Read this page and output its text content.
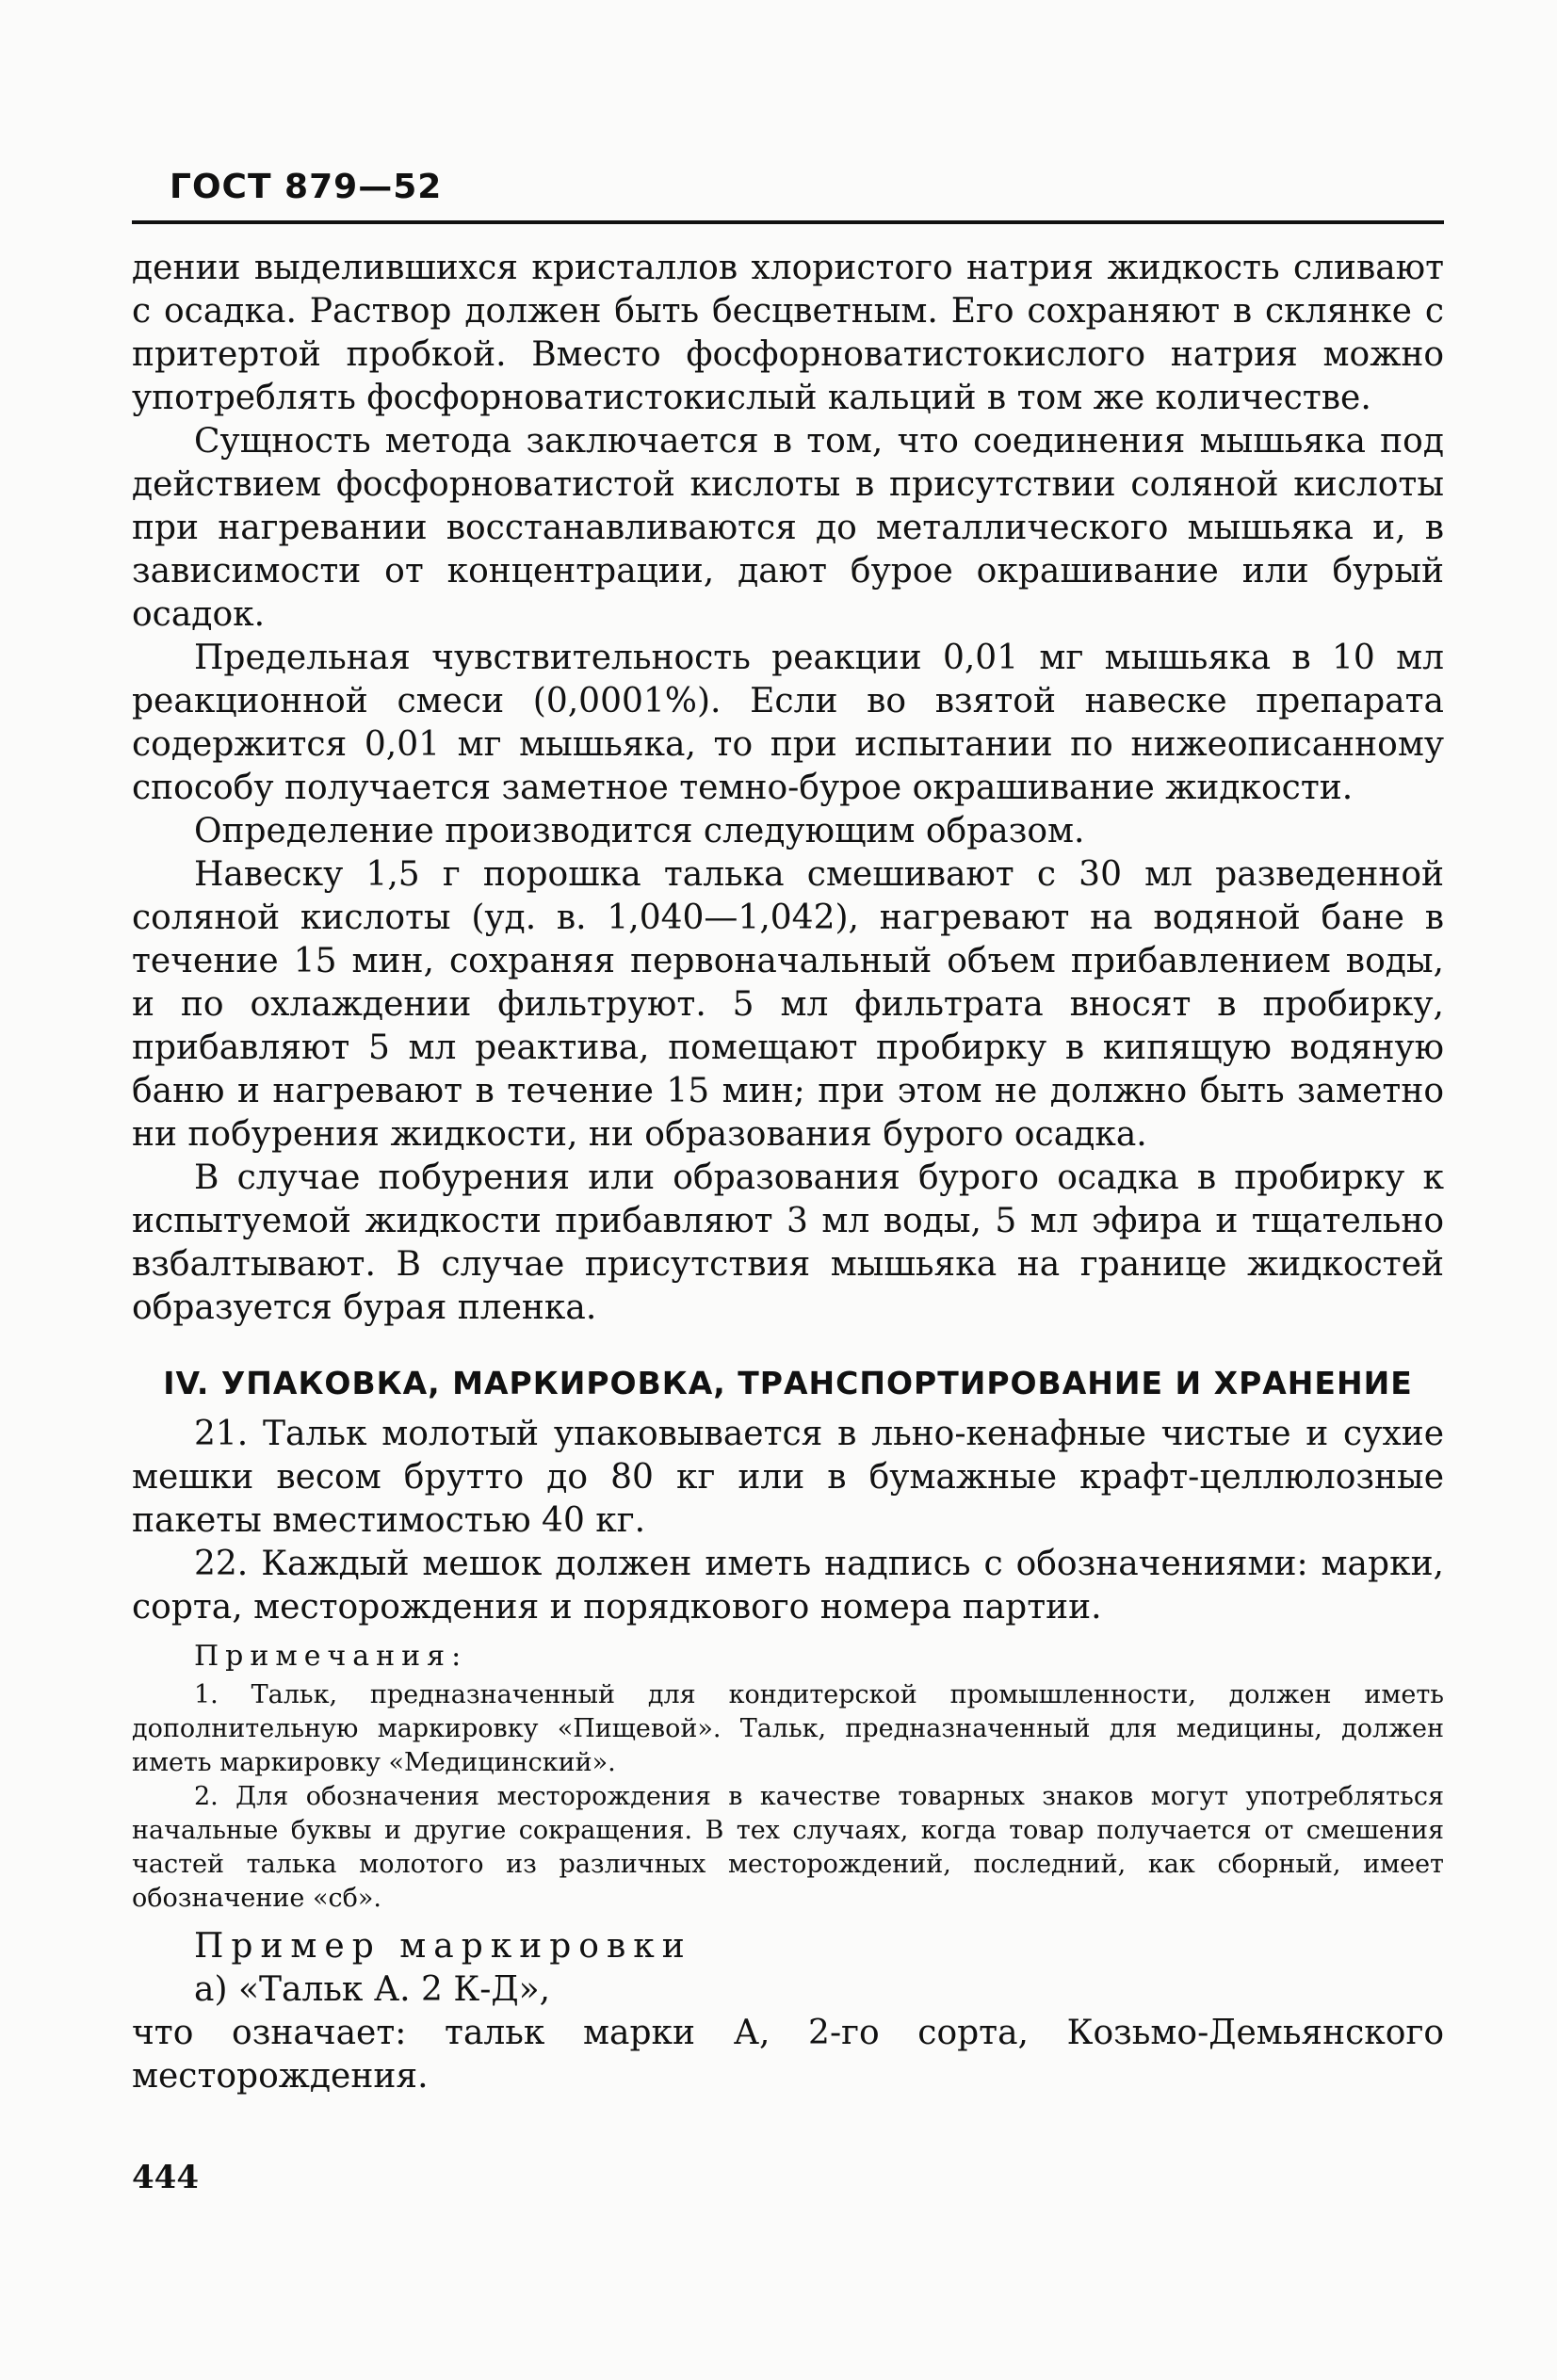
ГОСТ 879—52

дении выделившихся кристаллов хлористого натрия жидкость сливают с осадка. Раствор должен быть бесцветным. Его сохраняют в склянке с притертой пробкой. Вместо фосфорноватистокислого натрия можно употреблять фосфорноватистокислый кальций в том же количестве.

Сущность метода заключается в том, что соединения мышьяка под действием фосфорноватистой кислоты в присутствии соляной кислоты при нагревании восстанавливаются до металлического мышьяка и, в зависимости от концентрации, дают бурое окрашивание или бурый осадок.

Предельная чувствительность реакции 0,01 мг мышьяка в 10 мл реакционной смеси (0,0001%). Если во взятой навеске препарата содержится 0,01 мг мышьяка, то при испытании по нижеописанному способу получается заметное темно-бурое окрашивание жидкости.

Определение производится следующим образом.

Навеску 1,5 г порошка талька смешивают с 30 мл разведенной соляной кислоты (уд. в. 1,040—1,042), нагревают на водяной бане в течение 15 мин, сохраняя первоначальный объем прибавлением воды, и по охлаждении фильтруют. 5 мл фильтрата вносят в пробирку, прибавляют 5 мл реактива, помещают пробирку в кипящую водяную баню и нагревают в течение 15 мин; при этом не должно быть заметно ни побурения жидкости, ни образования бурого осадка.

В случае побурения или образования бурого осадка в пробирку к испытуемой жидкости прибавляют 3 мл воды, 5 мл эфира и тщательно взбалтывают. В случае присутствия мышьяка на границе жидкостей образуется бурая пленка.

IV. УПАКОВКА, МАРКИРОВКА, ТРАНСПОРТИРОВАНИЕ И ХРАНЕНИЕ

21. Тальк молотый упаковывается в льно-кенафные чистые и сухие мешки весом брутто до 80 кг или в бумажные крафт-целлюлозные пакеты вместимостью 40 кг.

22. Каждый мешок должен иметь надпись с обозначениями: марки, сорта, месторождения и порядкового номера партии.

Примечания:

1. Тальк, предназначенный для кондитерской промышленности, должен иметь дополнительную маркировку «Пищевой». Тальк, предназначенный для медицины, должен иметь маркировку «Медицинский».

2. Для обозначения месторождения в качестве товарных знаков могут употребляться начальные буквы и другие сокращения. В тех случаях, когда товар получается от смешения частей талька молотого из различных месторождений, последний, как сборный, имеет обозначение «сб».

Пример маркировки
а) «Тальк А. 2 К-Д»,

что означает: тальк марки А, 2-го сорта, Козьмо-Демьянского месторождения.

444
